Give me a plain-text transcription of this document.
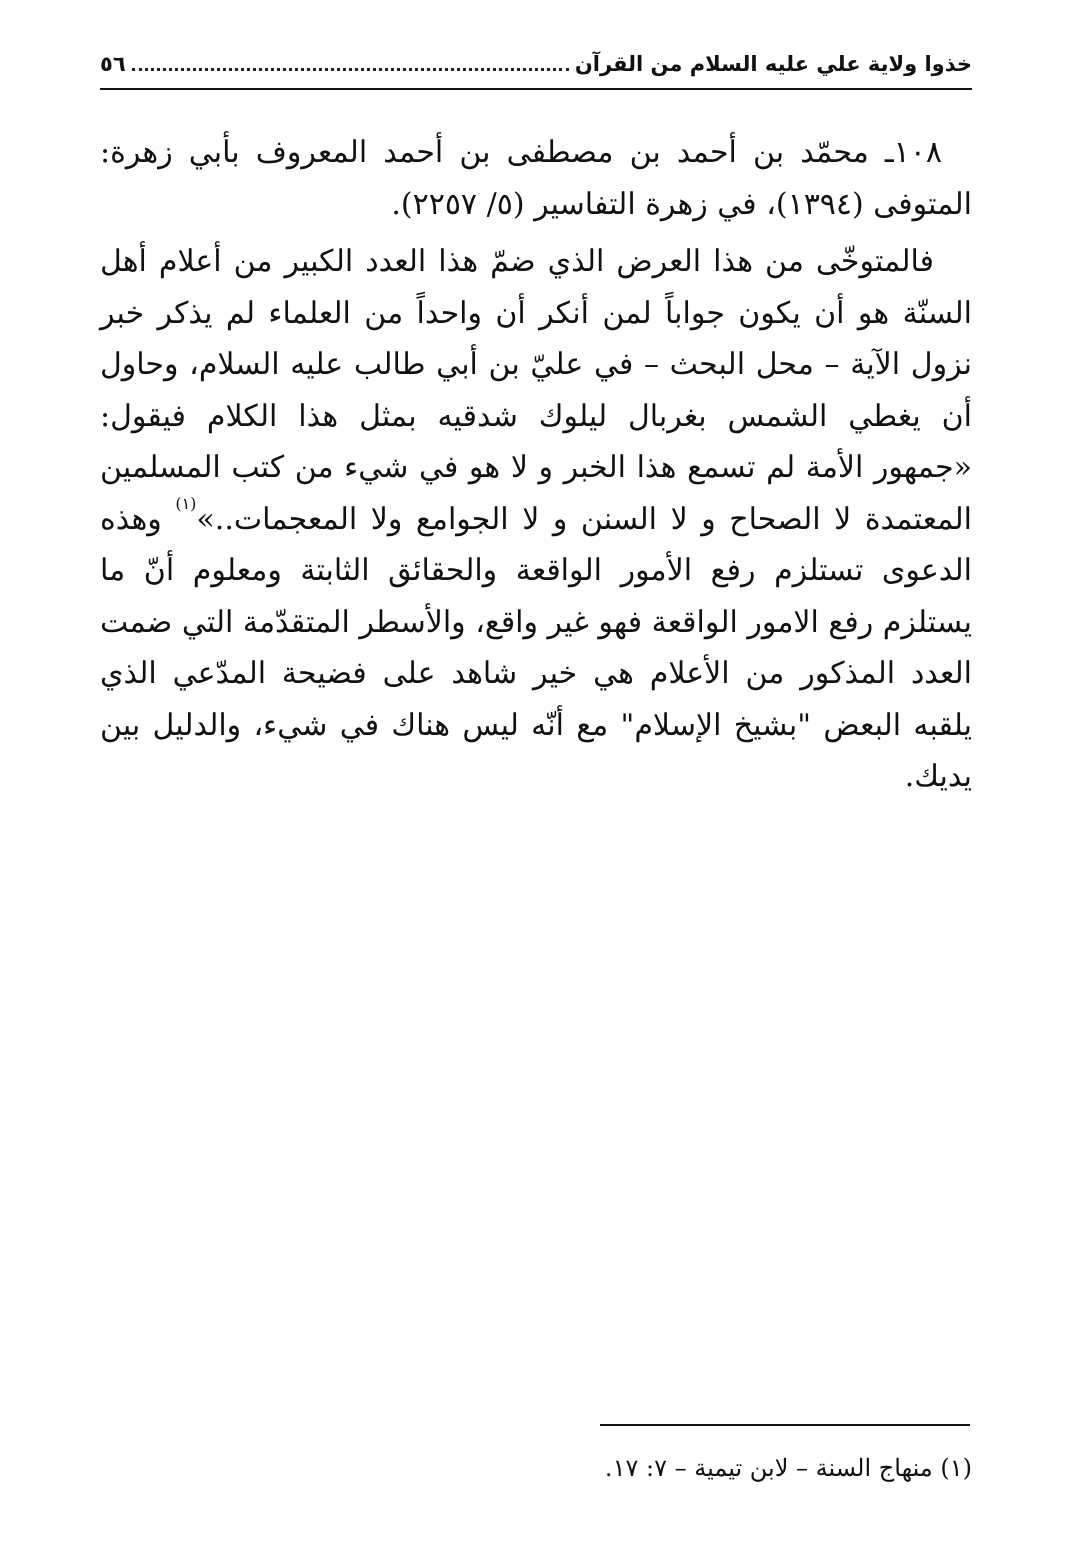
خذوا ولاية علي عليه السلام من القرآن
٥٦

١٠٨ـ محمّد بن أحمد بن مصطفى بن أحمد المعروف بأبي زهرة: المتوفى (١٣٩٤)، في زهرة التفاسير (٥/ ٢٢٥٧).

فالمتوخّى من هذا العرض الذي ضمّ هذا العدد الكبير من أعلام أهل السنّة هو أن يكون جواباً لمن أنكر أن واحداً من العلماء لم يذكر خبر نزول الآية – محل البحث – في عليّ بن أبي طالب عليه السلام، وحاول أن يغطي الشمس بغربال ليلوك شدقيه بمثل هذا الكلام فيقول: «جمهور الأمة لم تسمع هذا الخبر و لا هو في شيء من كتب المسلمين المعتمدة لا الصحاح و لا السنن و لا الجوامع ولا المعجمات..»$^{(١)}$ وهذه الدعوى تستلزم رفع الأمور الواقعة والحقائق الثابتة ومعلوم أنّ ما يستلزم رفع الامور الواقعة فهو غير واقع، والأسطر المتقدّمة التي ضمت العدد المذكور من الأعلام هي خير شاهد على فضيحة المدّعي الذي يلقبه البعض "بشيخ الإسلام" مع أنّه ليس هناك في شيء، والدليل بين يديك.

(١) منهاج السنة – لابن تيمية – ٧: ١٧.
